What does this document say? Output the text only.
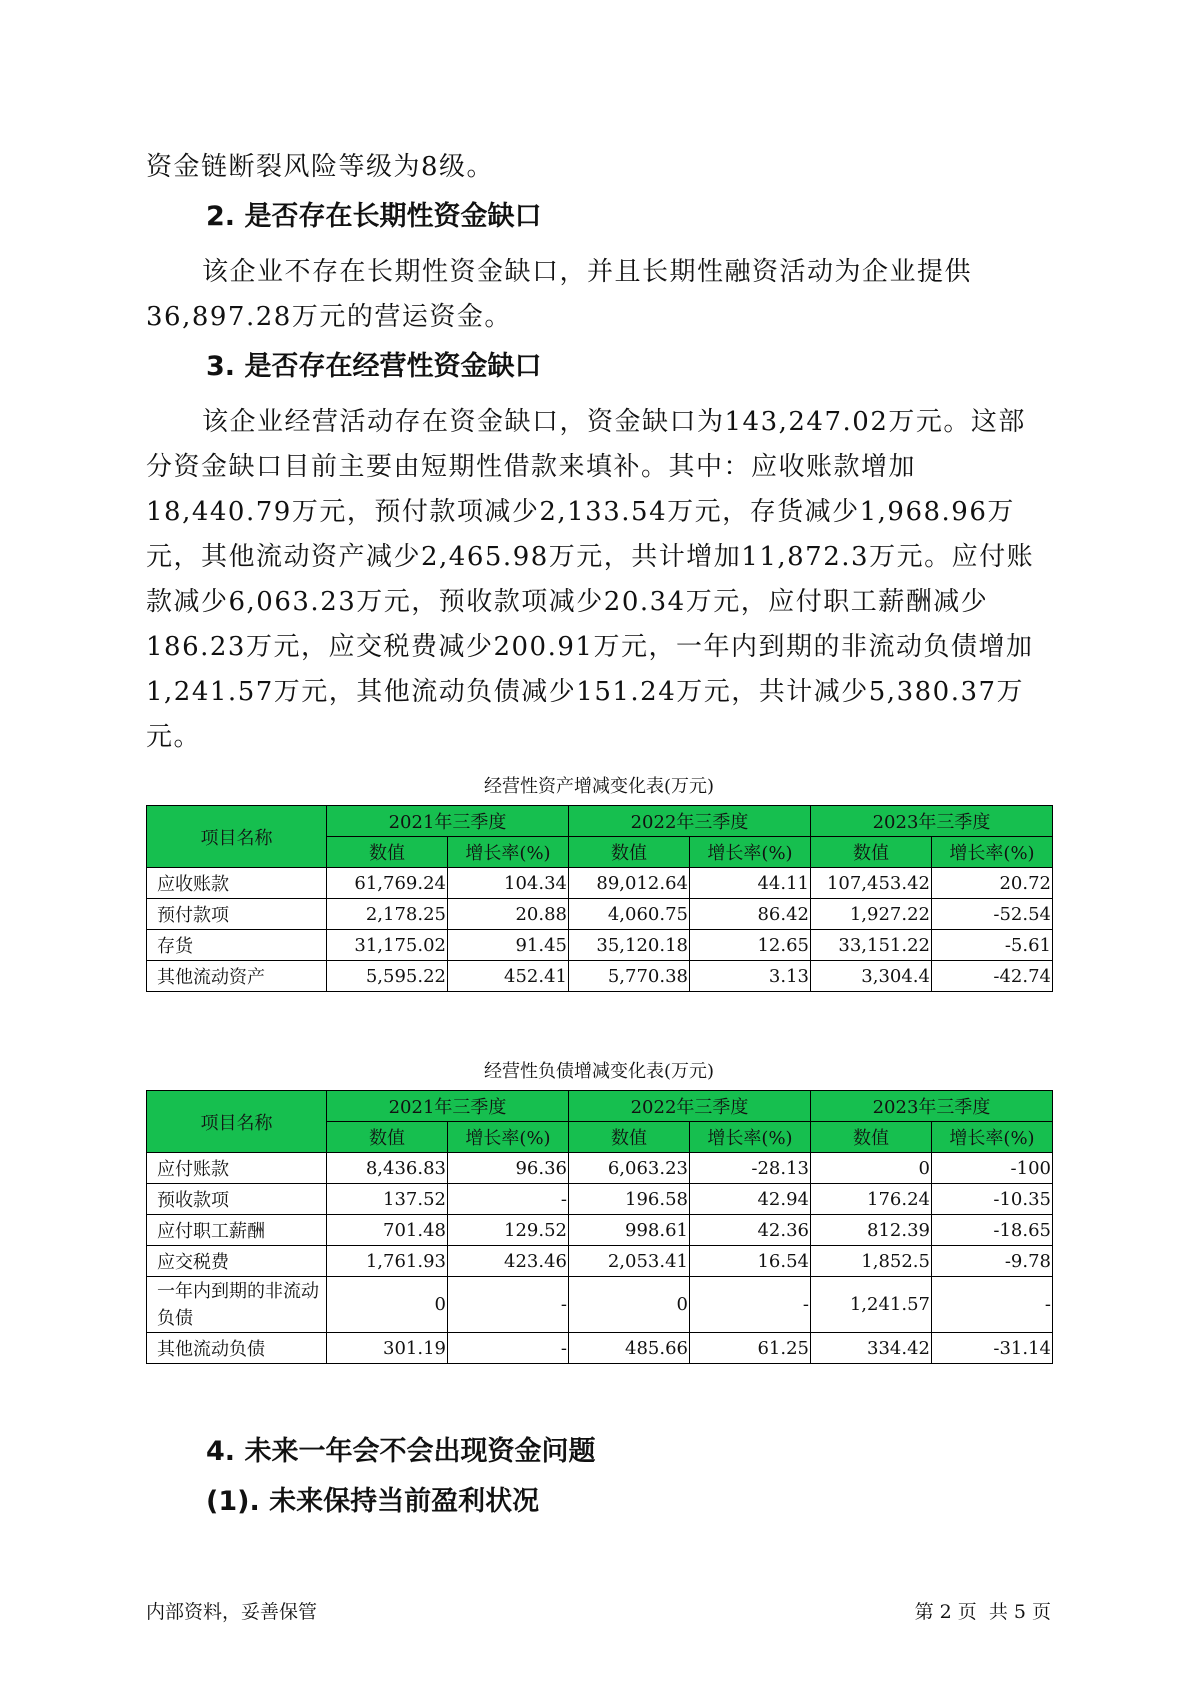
资金链断裂风险等级为8级。
2. 是否存在长期性资金缺口
该企业不存在长期性资金缺口，并且长期性融资活动为企业提供36,897.28万元的营运资金。
3. 是否存在经营性资金缺口
该企业经营活动存在资金缺口，资金缺口为143,247.02万元。这部分资金缺口目前主要由短期性借款来填补。其中：应收账款增加18,440.79万元，预付款项减少2,133.54万元，存货减少1,968.96万元，其他流动资产减少2,465.98万元，共计增加11,872.3万元。应付账款减少6,063.23万元，预收款项减少20.34万元，应付职工薪酬减少186.23万元，应交税费减少200.91万元，一年内到期的非流动负债增加1,241.57万元，其他流动负债减少151.24万元，共计减少5,380.37万元。
经营性资产增减变化表(万元)
项目名称	2021年三季度		2022年三季度		2023年三季度	
	数值	增长率(%)	数值	增长率(%)	数值	增长率(%)
应收账款	61,769.24	104.34	89,012.64	44.11	107,453.42	20.72
预付款项	2,178.25	20.88	4,060.75	86.42	1,927.22	-52.54
存货	31,175.02	91.45	35,120.18	12.65	33,151.22	-5.61
其他流动资产	5,595.22	452.41	5,770.38	3.13	3,304.4	-42.74
经营性负债增减变化表(万元)
项目名称	2021年三季度		2022年三季度		2023年三季度	
	数值	增长率(%)	数值	增长率(%)	数值	增长率(%)
应付账款	8,436.83	96.36	6,063.23	-28.13	0	-100
预收款项	137.52	-	196.58	42.94	176.24	-10.35
应付职工薪酬	701.48	129.52	998.61	42.36	812.39	-18.65
应交税费	1,761.93	423.46	2,053.41	16.54	1,852.5	-9.78
一年内到期的非流动负债	0	-	0	-	1,241.57	-
其他流动负债	301.19	-	485.66	61.25	334.42	-31.14
4. 未来一年会不会出现资金问题
(1). 未来保持当前盈利状况
内部资料，妥善保管	第 2 页  共 5 页
